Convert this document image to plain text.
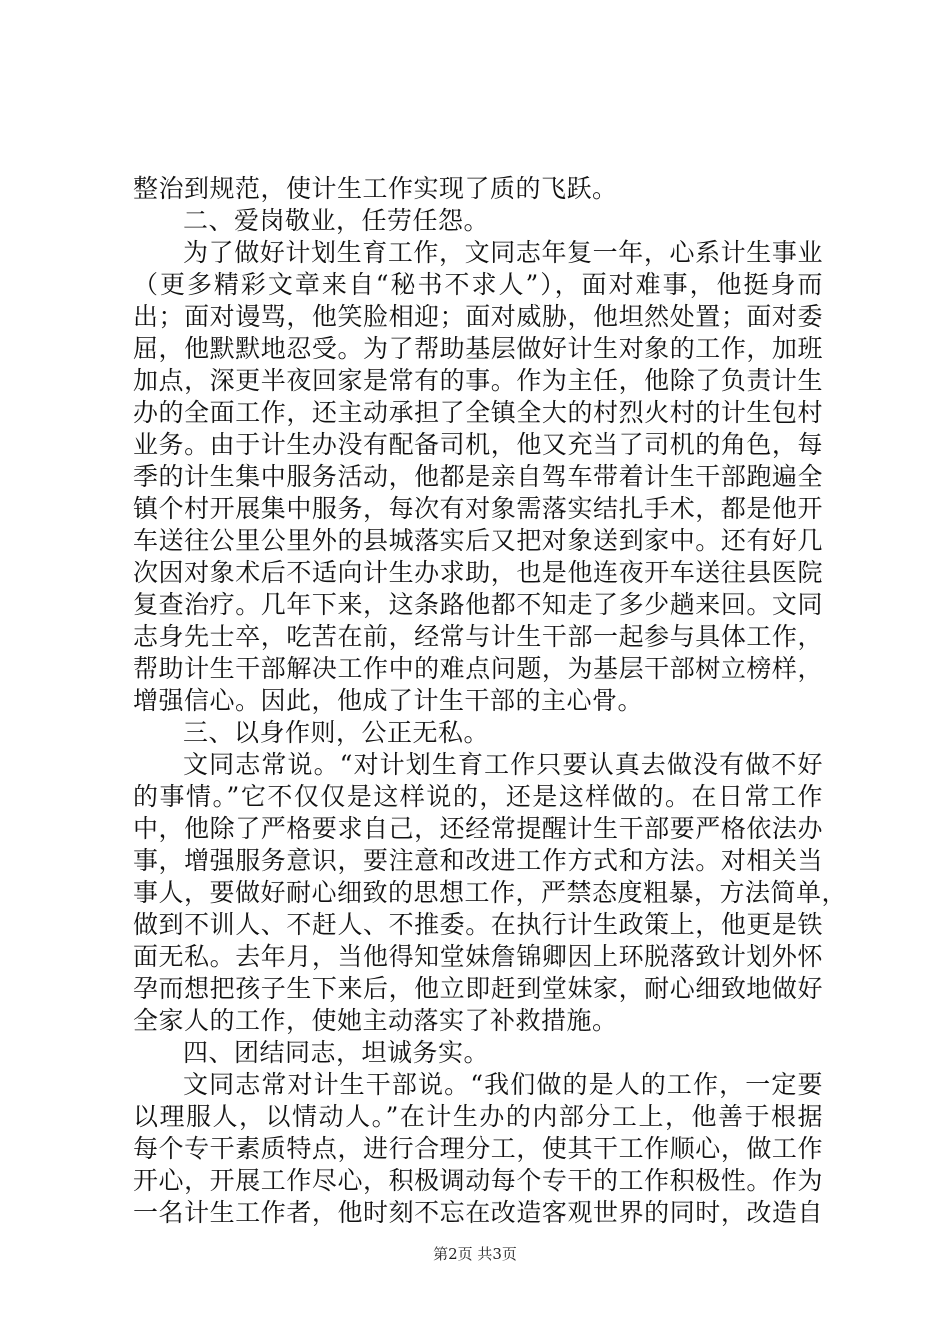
整治到规范，使计生工作实现了质的飞跃。
二、爱岗敬业，任劳任怨。
为了做好计划生育工作，文同志年复一年，心系计生事业
（更多精彩文章来自“秘书不求人”），面对难事，他挺身而
出；面对谩骂，他笑脸相迎；面对威胁，他坦然处置；面对委
屈，他默默地忍受。为了帮助基层做好计生对象的工作，加班
加点，深更半夜回家是常有的事。作为主任，他除了负责计生
办的全面工作，还主动承担了全镇全大的村烈火村的计生包村
业务。由于计生办没有配备司机，他又充当了司机的角色，每
季的计生集中服务活动，他都是亲自驾车带着计生干部跑遍全
镇个村开展集中服务，每次有对象需落实结扎手术，都是他开
车送往公里公里外的县城落实后又把对象送到家中。还有好几
次因对象术后不适向计生办求助，也是他连夜开车送往县医院
复查治疗。几年下来，这条路他都不知走了多少趟来回。文同
志身先士卒，吃苦在前，经常与计生干部一起参与具体工作，
帮助计生干部解决工作中的难点问题，为基层干部树立榜样，
增强信心。因此，他成了计生干部的主心骨。
三、以身作则，公正无私。
文同志常说。“对计划生育工作只要认真去做没有做不好
的事情。”它不仅仅是这样说的，还是这样做的。在日常工作
中，他除了严格要求自己，还经常提醒计生干部要严格依法办
事，增强服务意识，要注意和改进工作方式和方法。对相关当
事人，要做好耐心细致的思想工作，严禁态度粗暴，方法简单，
做到不训人、不赶人、不推委。在执行计生政策上，他更是铁
面无私。去年月，当他得知堂妹詹锦卿因上环脱落致计划外怀
孕而想把孩子生下来后，他立即赶到堂妹家，耐心细致地做好
全家人的工作，使她主动落实了补救措施。
四、团结同志，坦诚务实。
文同志常对计生干部说。“我们做的是人的工作，一定要
以理服人，以情动人。”在计生办的内部分工上，他善于根据
每个专干素质特点，进行合理分工，使其干工作顺心，做工作
开心，开展工作尽心，积极调动每个专干的工作积极性。作为
一名计生工作者，他时刻不忘在改造客观世界的同时，改造自
第2页 共3页
